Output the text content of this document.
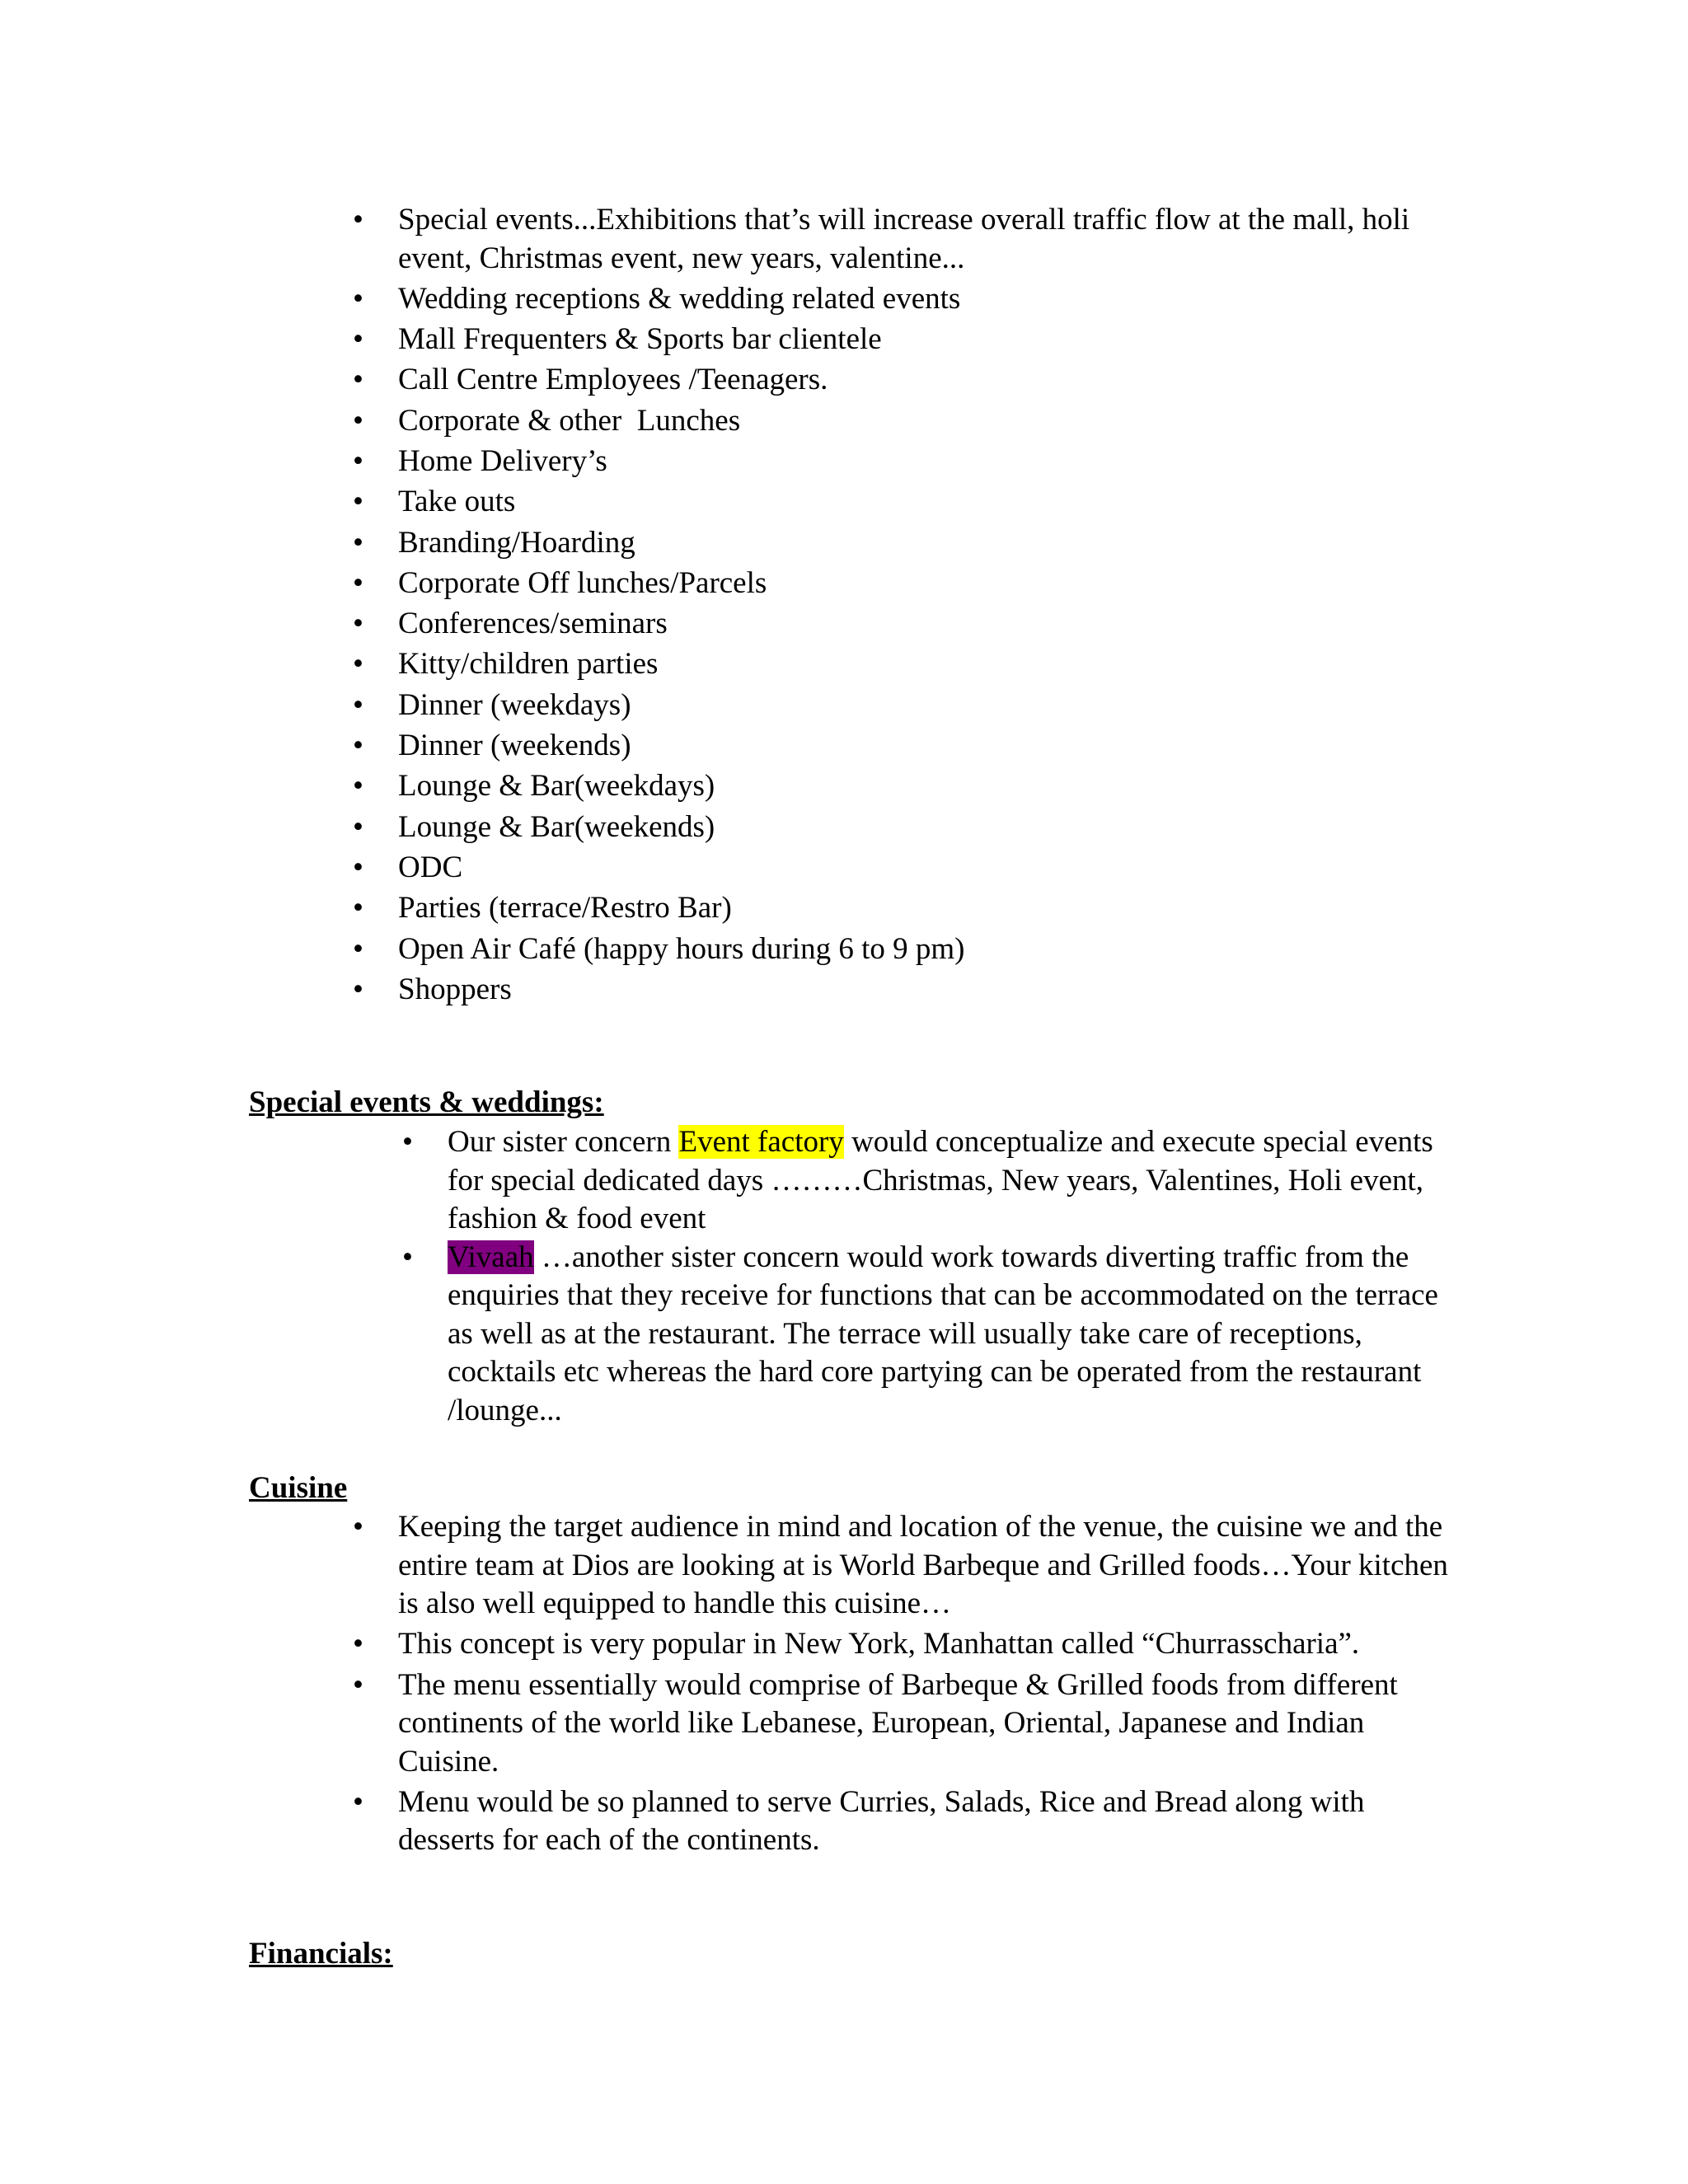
• Special events...Exhibitions that’s will increase overall traffic flow at the mall, holi event, Christmas event, new years, valentine...
• Wedding receptions & wedding related events
• Mall Frequenters & Sports bar clientele
• Call Centre Employees /Teenagers.
• Corporate & other  Lunches
• Home Delivery’s
• Take outs
• Branding/Hoarding
• Corporate Off lunches/Parcels
• Conferences/seminars
• Kitty/children parties
• Dinner (weekdays)
• Dinner (weekends)
• Lounge & Bar(weekdays)
• Lounge & Bar(weekends)
• ODC
• Parties (terrace/Restro Bar)
• Open Air Café (happy hours during 6 to 9 pm)
• Shoppers
Special events & weddings:
• Our sister concern Event factory would conceptualize and execute special events for special dedicated days ………Christmas, New years, Valentines, Holi event, fashion & food event
• Vivaah …another sister concern would work towards diverting traffic from the enquiries that they receive for functions that can be accommodated on the terrace as well as at the restaurant. The terrace will usually take care of receptions, cocktails etc whereas the hard core partying can be operated from the restaurant /lounge...
Cuisine
• Keeping the target audience in mind and location of the venue, the cuisine we and the entire team at Dios are looking at is World Barbeque and Grilled foods…Your kitchen is also well equipped to handle this cuisine…
• This concept is very popular in New York, Manhattan called “Churrasscharia”.
• The menu essentially would comprise of Barbeque & Grilled foods from different continents of the world like Lebanese, European, Oriental, Japanese and Indian Cuisine.
• Menu would be so planned to serve Curries, Salads, Rice and Bread along with desserts for each of the continents.
Financials:
